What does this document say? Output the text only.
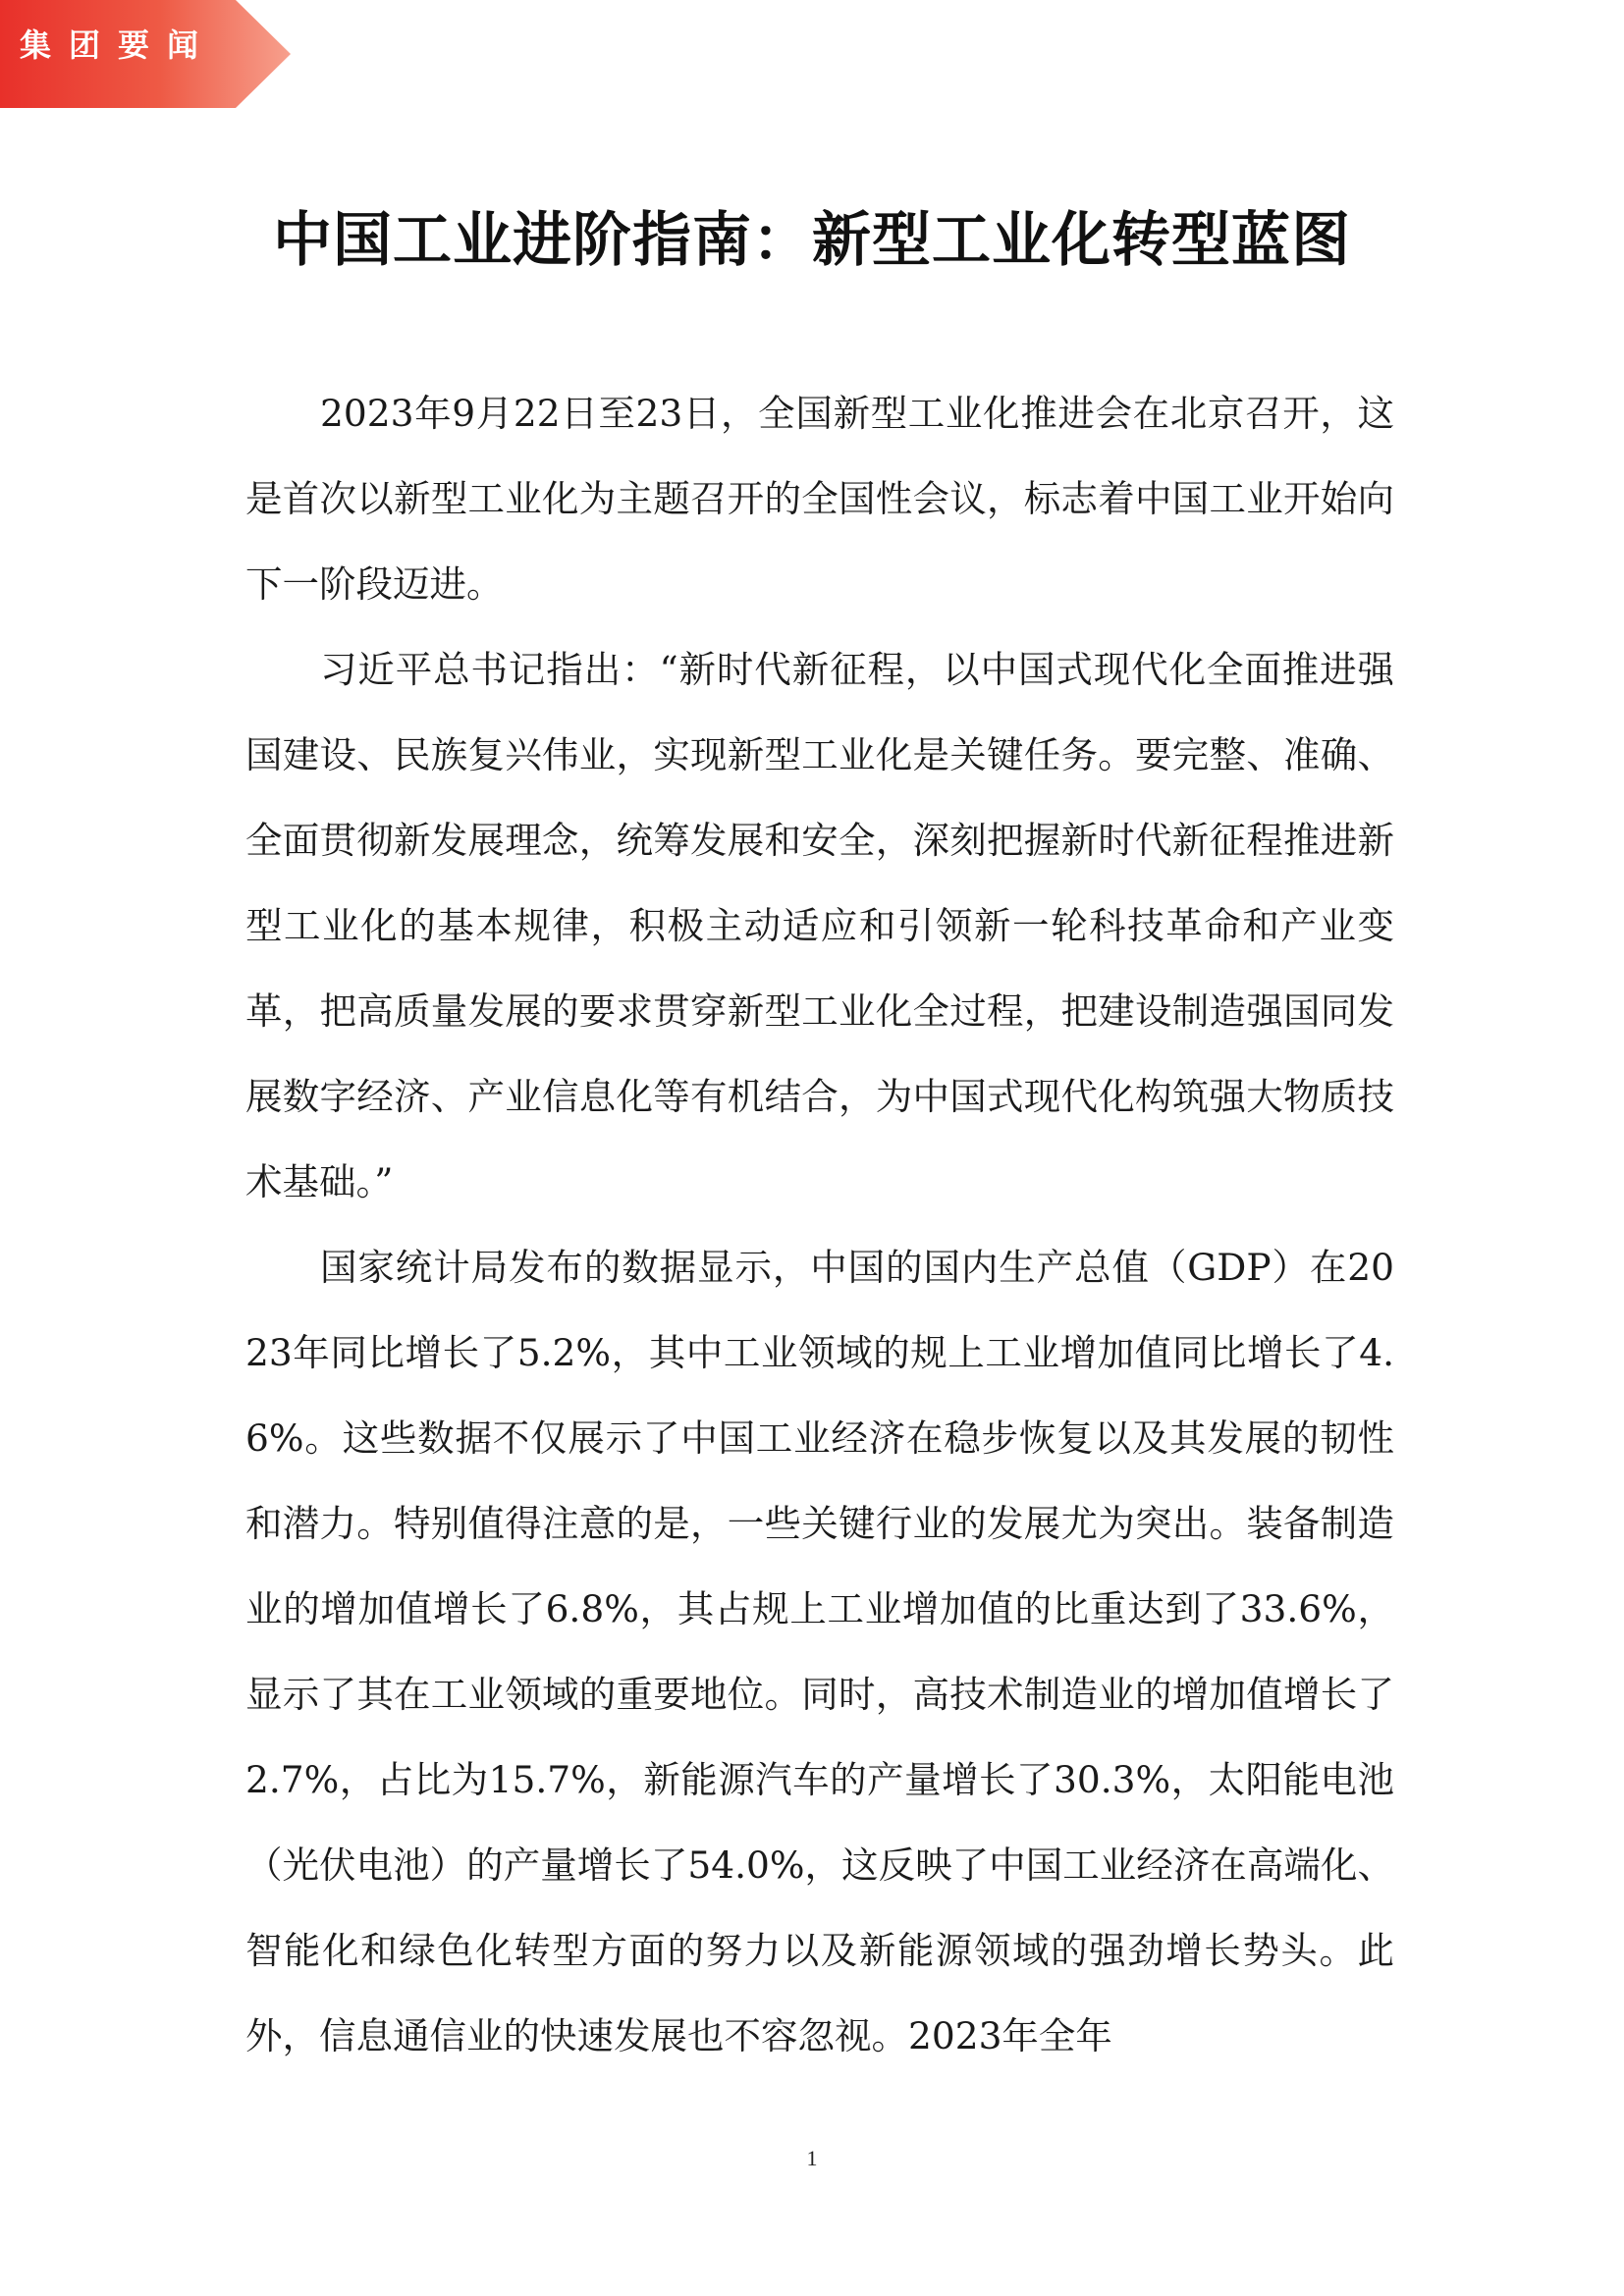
集团要闻
中国工业进阶指南：新型工业化转型蓝图

2023年9月22日至23日，全国新型工业化推进会在北京召开，这是首次以新型工业化为主题召开的全国性会议，标志着中国工业开始向下一阶段迈进。

习近平总书记指出：“新时代新征程，以中国式现代化全面推进强国建设、民族复兴伟业，实现新型工业化是关键任务。要完整、准确、全面贯彻新发展理念，统筹发展和安全，深刻把握新时代新征程推进新型工业化的基本规律，积极主动适应和引领新一轮科技革命和产业变革，把高质量发展的要求贯穿新型工业化全过程，把建设制造强国同发展数字经济、产业信息化等有机结合，为中国式现代化构筑强大物质技术基础。”

国家统计局发布的数据显示，中国的国内生产总值（GDP）在2023年同比增长了5.2%，其中工业领域的规上工业增加值同比增长了4.6%。这些数据不仅展示了中国工业经济在稳步恢复以及其发展的韧性和潜力。特别值得注意的是，一些关键行业的发展尤为突出。装备制造业的增加值增长了6.8%，其占规上工业增加值的比重达到了33.6%，显示了其在工业领域的重要地位。同时，高技术制造业的增加值增长了2.7%，占比为15.7%，新能源汽车的产量增长了30.3%，太阳能电池（光伏电池）的产量增长了54.0%，这反映了中国工业经济在高端化、智能化和绿色化转型方面的努力以及新能源领域的强劲增长势头。此外，信息通信业的快速发展也不容忽视。2023年全年

1
